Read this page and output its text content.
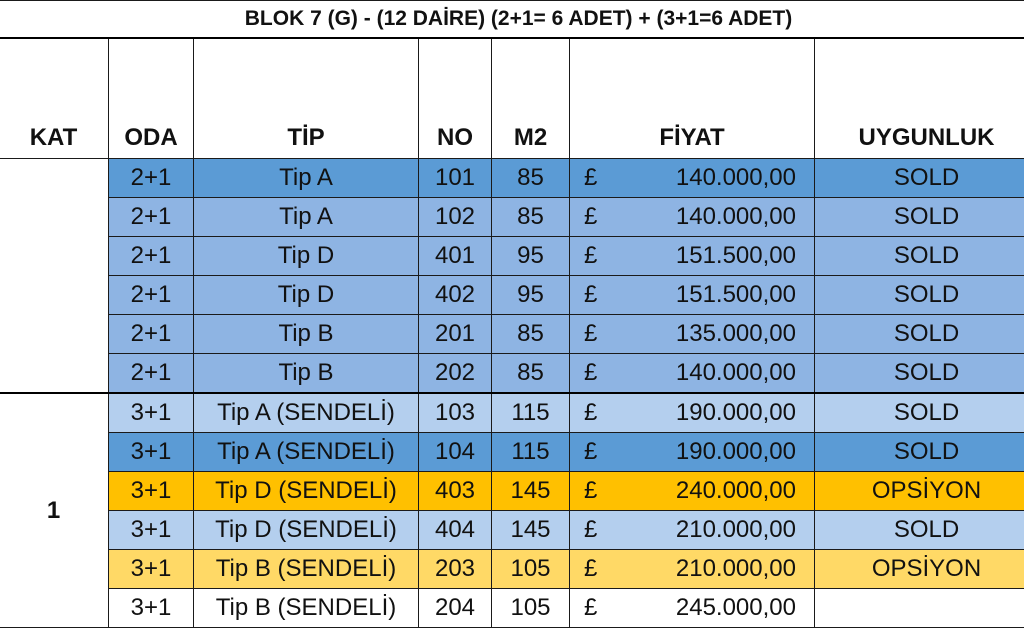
BLOK 7 (G) - (12 DAİRE) (2+1= 6 ADET) + (3+1=6 ADET)							
KAT	ODA	TİP	NO	M2	FİYAT		UYGUNLUK
	2+1	Tip A	101	85	£	140.000,00	SOLD
	2+1	Tip A	102	85	£	140.000,00	SOLD
	2+1	Tip D	401	95	£	151.500,00	SOLD
	2+1	Tip D	402	95	£	151.500,00	SOLD
	2+1	Tip B	201	85	£	135.000,00	SOLD
	2+1	Tip B	202	85	£	140.000,00	SOLD
1	3+1	Tip A (SENDELİ)	103	115	£	190.000,00	SOLD
	3+1	Tip A (SENDELİ)	104	115	£	190.000,00	SOLD
	3+1	Tip D (SENDELİ)	403	145	£	240.000,00	OPSİYON
	3+1	Tip D (SENDELİ)	404	145	£	210.000,00	SOLD
	3+1	Tip B (SENDELİ)	203	105	£	210.000,00	OPSİYON
	3+1	Tip B (SENDELİ)	204	105	£	245.000,00	
